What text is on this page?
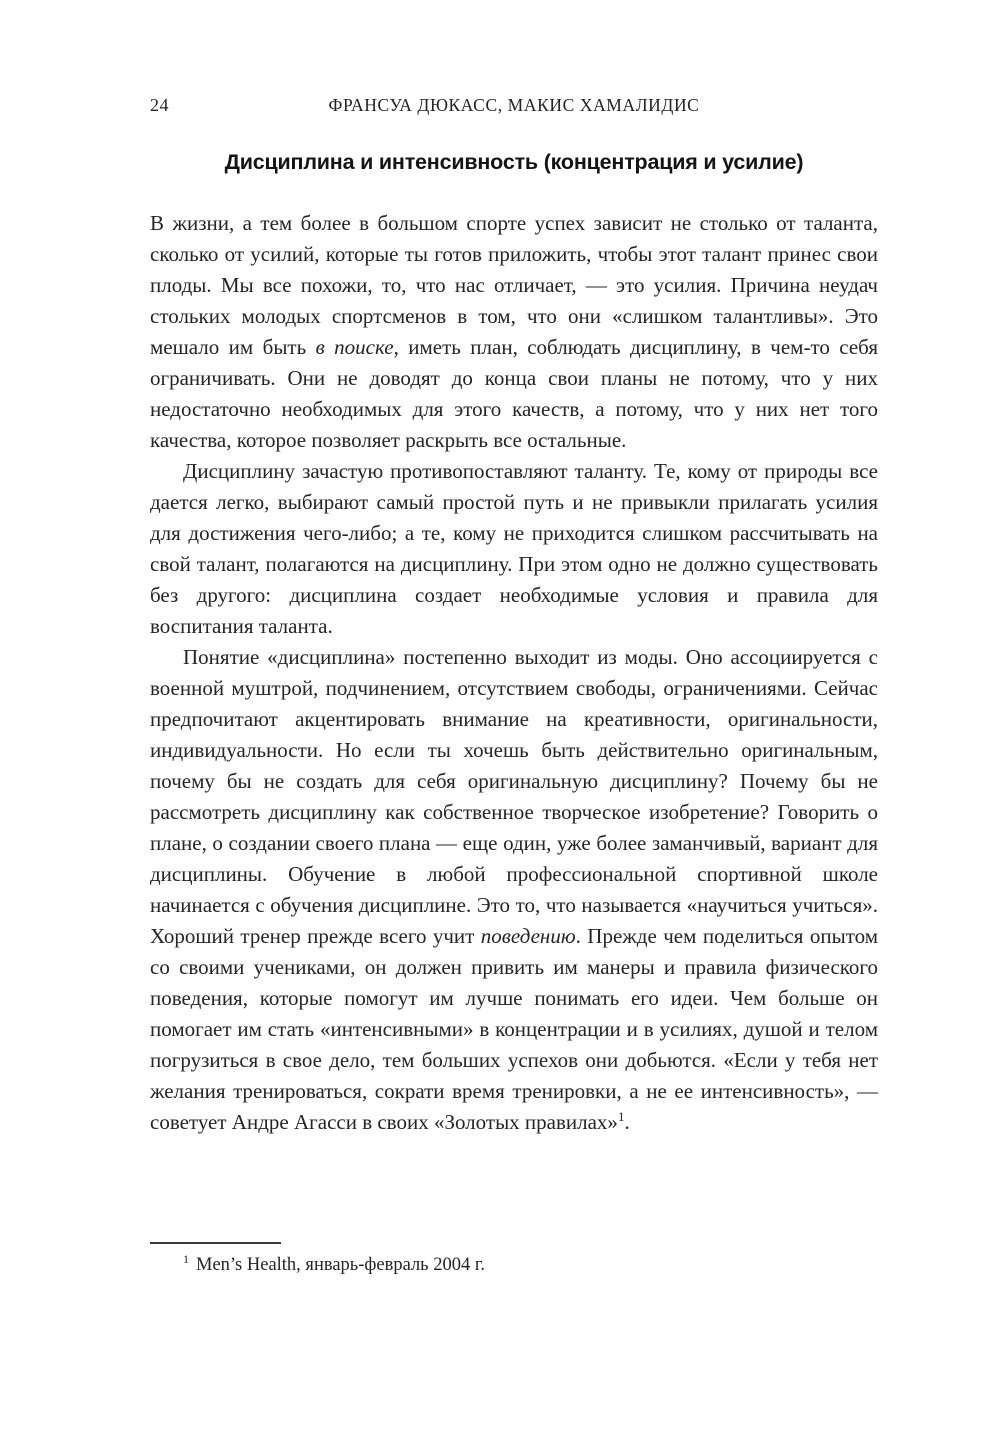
24	ФРАНСУА ДЮКАСС, МАКИС ХАМАЛИДИС
Дисциплина и интенсивность (концентрация и усилие)

В жизни, а тем более в большом спорте успех зависит не столько от таланта, сколько от усилий, которые ты готов приложить, чтобы этот талант принес свои плоды. Мы все похожи, то, что нас отличает, — это усилия. Причина неудач стольких молодых спортсменов в том, что они «слишком талантливы». Это мешало им быть в поиске, иметь план, соблюдать дисциплину, в чем-то себя ограничивать. Они не доводят до конца свои планы не потому, что у них недостаточно необходимых для этого качеств, а потому, что у них нет того качества, которое позволяет раскрыть все остальные.

Дисциплину зачастую противопоставляют таланту. Те, кому от природы все дается легко, выбирают самый простой путь и не привыкли прилагать усилия для достижения чего-либо; а те, кому не приходится слишком рассчитывать на свой талант, полагаются на дисциплину. При этом одно не должно существовать без другого: дисциплина создает необходимые условия и правила для воспитания таланта.

Понятие «дисциплина» постепенно выходит из моды. Оно ассоциируется с военной муштрой, подчинением, отсутствием свободы, ограничениями. Сейчас предпочитают акцентировать внимание на креативности, оригинальности, индивидуальности. Но если ты хочешь быть действительно оригинальным, почему бы не создать для себя оригинальную дисциплину? Почему бы не рассмотреть дисциплину как собственное творческое изобретение? Говорить о плане, о создании своего плана — еще один, уже более заманчивый, вариант для дисциплины. Обучение в любой профессиональной спортивной школе начинается с обучения дисциплине. Это то, что называется «научиться учиться». Хороший тренер прежде всего учит поведению. Прежде чем поделиться опытом со своими учениками, он должен привить им манеры и правила физического поведения, которые помогут им лучше понимать его идеи. Чем больше он помогает им стать «интенсивными» в концентрации и в усилиях, душой и телом погрузиться в свое дело, тем больших успехов они добьются. «Если у тебя нет желания тренироваться, сократи время тренировки, а не ее интенсивность», — советует Андре Агасси в своих «Золотых правилах»$^1$.

$^1$ Men’s Health, январь-февраль 2004 г.
